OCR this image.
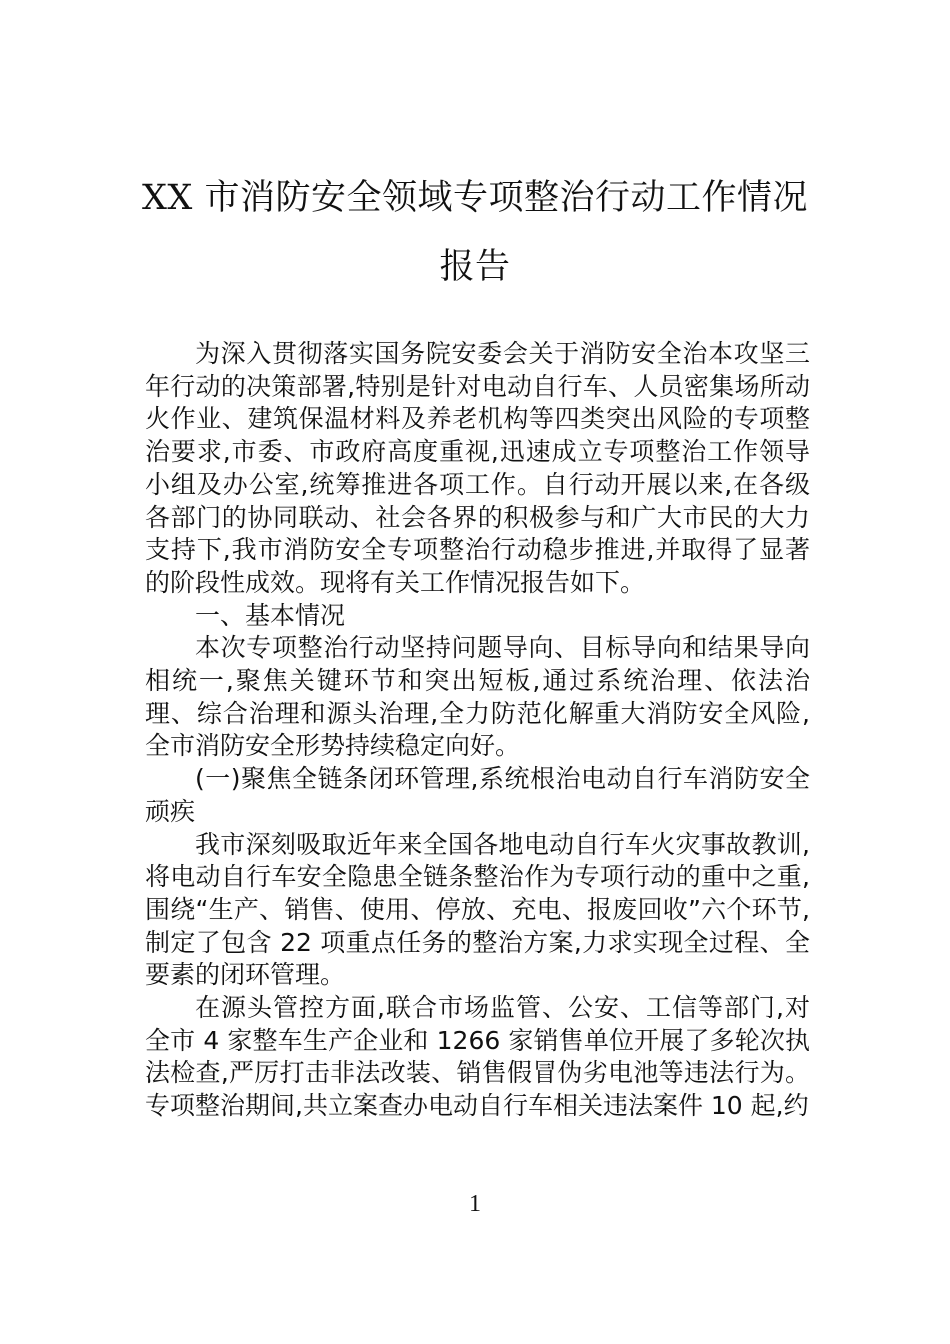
XX 市消防安全领域专项整治行动工作情况
报告

为深入贯彻落实国务院安委会关于消防安全治本攻坚三年行动的决策部署,特别是针对电动自行车、人员密集场所动火作业、建筑保温材料及养老机构等四类突出风险的专项整治要求,市委、市政府高度重视,迅速成立专项整治工作领导小组及办公室,统筹推进各项工作。自行动开展以来,在各级各部门的协同联动、社会各界的积极参与和广大市民的大力支持下,我市消防安全专项整治行动稳步推进,并取得了显著的阶段性成效。现将有关工作情况报告如下。

一、基本情况

本次专项整治行动坚持问题导向、目标导向和结果导向相统一,聚焦关键环节和突出短板,通过系统治理、依法治理、综合治理和源头治理,全力防范化解重大消防安全风险,全市消防安全形势持续稳定向好。

(一)聚焦全链条闭环管理,系统根治电动自行车消防安全顽疾

我市深刻吸取近年来全国各地电动自行车火灾事故教训,将电动自行车安全隐患全链条整治作为专项行动的重中之重,围绕“生产、销售、使用、停放、充电、报废回收”六个环节,制定了包含 22 项重点任务的整治方案,力求实现全过程、全要素的闭环管理。

在源头管控方面,联合市场监管、公安、工信等部门,对全市 4 家整车生产企业和 1266 家销售单位开展了多轮次执法检查,严厉打击非法改装、销售假冒伪劣电池等违法行为。专项整治期间,共立案查办电动自行车相关违法案件 10 起,约

1
